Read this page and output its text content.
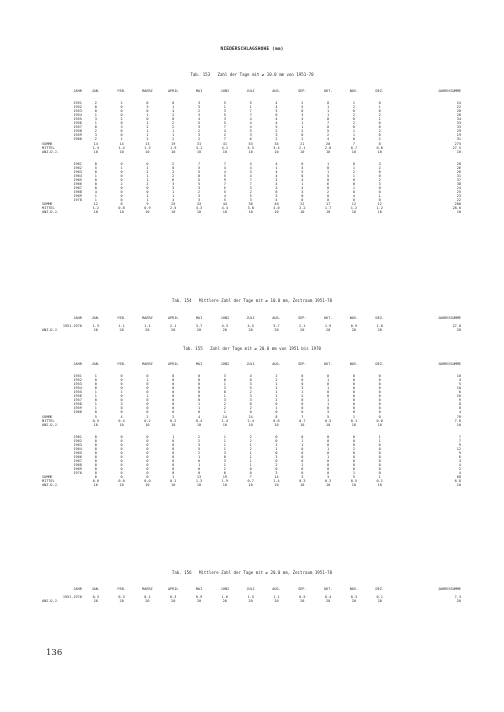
NIEDERSCHLAGSHOHE (mm)
Tab. 153   Zahl der Tage mit ≥ 10.0 mm von 1951-70
JAHR	JAN.	FEB.	MAERZ	APRIL	MAI	JUNI	JULI	AUG.	SEP.	OKT.	NOV.	DEZ.	JAHRESSUMME

1951	2	2	0	0	3	5	5	4	2	0	1	0	24
1952	0	0	3	1	3	1	1	4	5	1	2	1	22
1953	0	0	0	4	2	3	7	3	0	1	0	0	20
1954	1	0	1	2	3	5	7	6	3	1	2	2	28
1955	3	2	0	0	4	3	4	4	4	0	0	1	34
1956	1	0	1	2	5	5	4	4	1	7	2	0	33
1957	0	3	2	2	3	7	4	5	1	0	0	0	33
1958	2	6	1	1	2	4	5	2	2	5	1	2	29
1959	3	0	1	1	3	2	3	3	0	2	1	0	19
1960	2	1	2	2	2	7	6	2	2	4	0	2	31
SUMME	14	14	13	19	31	41	53	34	21	20	7	8	275
MITTEL	1.4	1.4	1.3	1.9	3.1	4.1	5.3	3.4	2.1	2.0	0.7	0.8	27.5
ANZ.D.J.	10	10	10	10	10	10	10	10	10	10	10	10	10

1961	0	0	0	2	7	7	4	4	0	1	0	3	28
1962	5	1	1	0	5	4	4	1	3	0	1	2	26
1963	0	0	2	2	5	4	3	4	3	1	2	0	26
1964	1	0	1	2	8	5	4	4	0	5	1	0	31
1965	0	0	1	6	5	9	7	3	4	0	0	2	37
1966	0	2	2	3	5	7	7	4	1	6	0	3	38
1967	0	0	0	3	3	5	3	3	4	0	1	0	24
1968	4	0	0	1	2	5	2	6	3	2	0	0	25
1969	1	0	1	1	3	4	5	3	0	0	4	1	23
1970	1	0	1	4	3	5	3	4	0	0	0	0	22
SUMME	12	8	9	25	43	44	38	40	22	17	12	12	280
MITTEL	1.2	0.8	0.9	2.5	4.3	4.4	3.8	4.0	2.2	1.7	1.2	1.2	28.0
ANZ.D.J.	10	10	10	10	10	10	10	10	10	10	10	10	10
Tab. 154   Mittlere Zahl der Tage mit ≥ 10.0 mm, Zeitraum 1951-70
JAHR	JAN.	FEB.	MAERZ	APRIL	MAI	JUNI	JULI	AUG.	SEP.	OKT.	NOV.	DEZ.	JAHRESSUMME

1951-1970	1.3	1.1	1.1	2.1	3.7	4.3	4.5	3.7	2.1	1.9	0.9	1.0	27.8
ANZ.D.J.	20	20	20	20	20	20	20	20	20	20	20	20	20
Tab. 155   Zahl der Tage mit ≥ 20.0 mm von 1951 bis 1970
JAHR	JAN.	FEB.	MAERZ	APRIL	MAI	JUNI	JULI	AUG.	SEP.	OKT.	NOV.	DEZ.	JAHRESSUMME

1951	1	0	0	0	0	3	4	2	0	0	0	0	10
1952	0	0	1	0	0	0	0	2	0	1	0	0	4
1953	0	0	0	0	0	1	3	1	0	0	0	0	5
1954	0	0	0	0	0	3	5	1	3	1	0	0	10
1955	1	1	0	0	0	0	2	1	1	0	0	0	6
1956	1	0	1	0	0	1	3	1	2	0	0	0	10
1957	0	0	0	0	0	3	3	2	0	1	0	0	9
1958	1	3	0	0	1	2	0	0	0	1	0	0	8
1959	1	0	0	0	1	2	2	1	0	0	0	0	8
1960	0	0	0	0	0	1	0	0	0	3	0	0	4
SUMME	5	4	2	2	4	14	24	8	7	5	1	0	78
MITTEL	0.5	0.4	0.2	0.2	0.4	1.4	2.4	0.8	0.7	0.5	0.1	0.0	7.8
ANZ.D.J.	10	10	10	10	10	10	10	10	10	10	10	10	10

1961	0	0	0	1	2	1	2	0	0	0	0	1	7
1962	0	0	0	0	2	1	2	0	1	0	0	1	7
1963	0	0	0	0	3	1	1	1	1	0	0	0	9
1964	0	0	0	0	5	1	2	1	0	1	2	0	12
1965	0	0	0	0	2	3	1	0	0	0	0	0	9
1966	0	0	0	0	1	0	1	3	0	1	0	0	6
1967	0	0	0	0	0	3	1	0	0	0	0	0	4
1968	0	0	0	0	1	1	1	2	1	0	0	0	4
1969	0	0	0	0	0	2	0	0	0	0	0	0	2
1970	0	0	0	0	0	0	0	3	0	0	1	0	4
SUMME	0	0	0	1	13	19	7	14	3	3	5	1	68
MITTEL	0.0	0.0	0.0	0.1	1.3	1.9	0.7	1.4	0.3	0.3	0.5	0.1	6.8
ANZ.D.J.	10	10	10	10	10	10	10	10	10	10	10	10	10
Tab. 156   Mittlere Zahl der Tage mit ≥ 20.0 mm, Zeitraum 1951-70
JAHR	JAN.	FEB.	MAERZ	APRIL	MAI	JUNI	JULI	AUG.	SEP.	OKT.	NOV.	DEZ.	JAHRESSUMME

1951-1970	0.3	0.3	0.1	0.3	0.9	1.6	1.5	1.1	0.5	0.4	0.3	0.1	7.3
ANZ.D.J.	20	20	20	20	20	20	20	20	20	20	20	20	20
136
